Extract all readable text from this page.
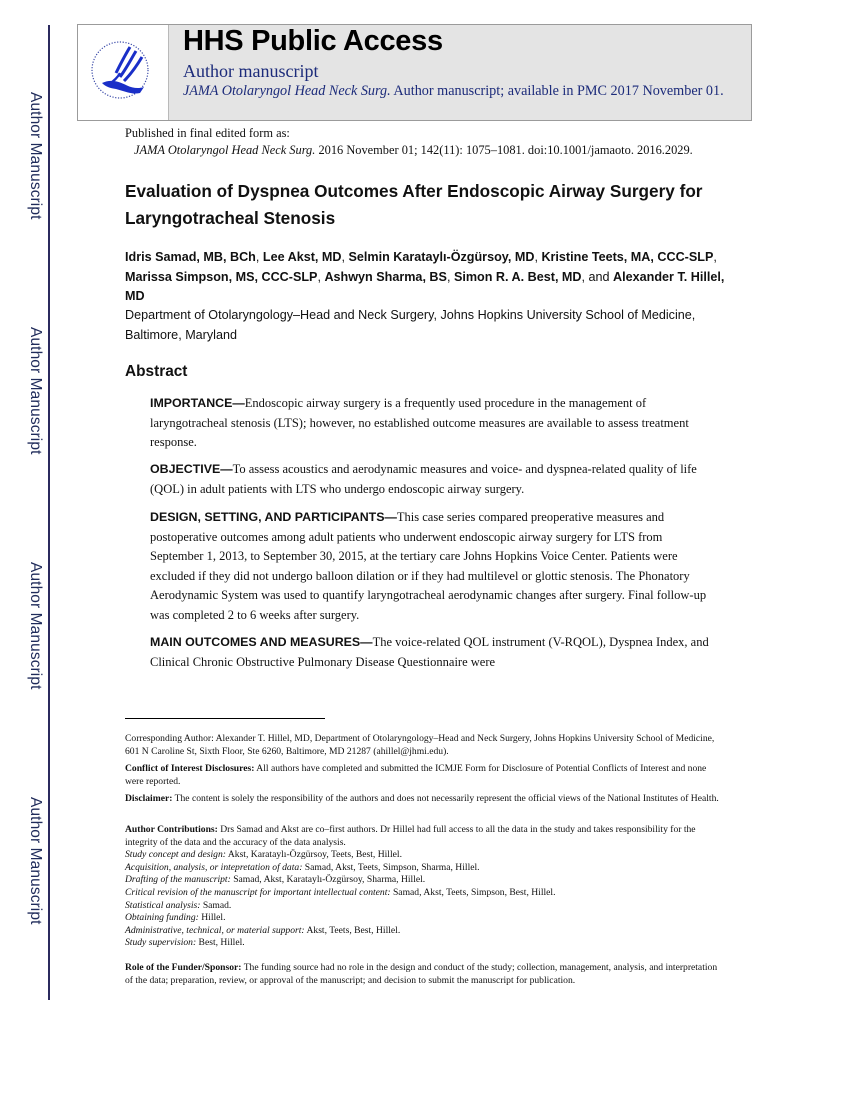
Author Manuscript
Author Manuscript
Author Manuscript
Author Manuscript
HHS Public Access
Author manuscript
JAMA Otolaryngol Head Neck Surg. Author manuscript; available in PMC 2017 November 01.
Published in final edited form as:
JAMA Otolaryngol Head Neck Surg. 2016 November 01; 142(11): 1075–1081. doi:10.1001/jamaoto. 2016.2029.
Evaluation of Dyspnea Outcomes After Endoscopic Airway Surgery for Laryngotracheal Stenosis
Idris Samad, MB, BCh, Lee Akst, MD, Selmin Karataylı-Özgürsoy, MD, Kristine Teets, MA, CCC-SLP, Marissa Simpson, MS, CCC-SLP, Ashwyn Sharma, BS, Simon R. A. Best, MD, and Alexander T. Hillel, MD
Department of Otolaryngology–Head and Neck Surgery, Johns Hopkins University School of Medicine, Baltimore, Maryland
Abstract
IMPORTANCE—Endoscopic airway surgery is a frequently used procedure in the management of laryngotracheal stenosis (LTS); however, no established outcome measures are available to assess treatment response.
OBJECTIVE—To assess acoustics and aerodynamic measures and voice- and dyspnea-related quality of life (QOL) in adult patients with LTS who undergo endoscopic airway surgery.
DESIGN, SETTING, AND PARTICIPANTS—This case series compared preoperative measures and postoperative outcomes among adult patients who underwent endoscopic airway surgery for LTS from September 1, 2013, to September 30, 2015, at the tertiary care Johns Hopkins Voice Center. Patients were excluded if they did not undergo balloon dilation or if they had multilevel or glottic stenosis. The Phonatory Aerodynamic System was used to quantify laryngotracheal aerodynamic changes after surgery. Final follow-up was completed 2 to 6 weeks after surgery.
MAIN OUTCOMES AND MEASURES—The voice-related QOL instrument (V-RQOL), Dyspnea Index, and Clinical Chronic Obstructive Pulmonary Disease Questionnaire were
Corresponding Author: Alexander T. Hillel, MD, Department of Otolaryngology–Head and Neck Surgery, Johns Hopkins University School of Medicine, 601 N Caroline St, Sixth Floor, Ste 6260, Baltimore, MD 21287 (ahillel@jhmi.edu).
Conflict of Interest Disclosures: All authors have completed and submitted the ICMJE Form for Disclosure of Potential Conflicts of Interest and none were reported.
Disclaimer: The content is solely the responsibility of the authors and does not necessarily represent the official views of the National Institutes of Health.
Author Contributions: Drs Samad and Akst are co–first authors. Dr Hillel had full access to all the data in the study and takes responsibility for the integrity of the data and the accuracy of the data analysis.
Study concept and design: Akst, Karataylı-Özgürsoy, Teets, Best, Hillel.
Acquisition, analysis, or intepretation of data: Samad, Akst, Teets, Simpson, Sharma, Hillel.
Drafting of the manuscript: Samad, Akst, Karataylı-Özgürsoy, Sharma, Hillel.
Critical revision of the manuscript for important intellectual content: Samad, Akst, Teets, Simpson, Best, Hillel.
Statistical analysis: Samad.
Obtaining funding: Hillel.
Administrative, technical, or material support: Akst, Teets, Best, Hillel.
Study supervision: Best, Hillel.
Role of the Funder/Sponsor: The funding source had no role in the design and conduct of the study; collection, management, analysis, and interpretation of the data; preparation, review, or approval of the manuscript; and decision to submit the manuscript for publication.
